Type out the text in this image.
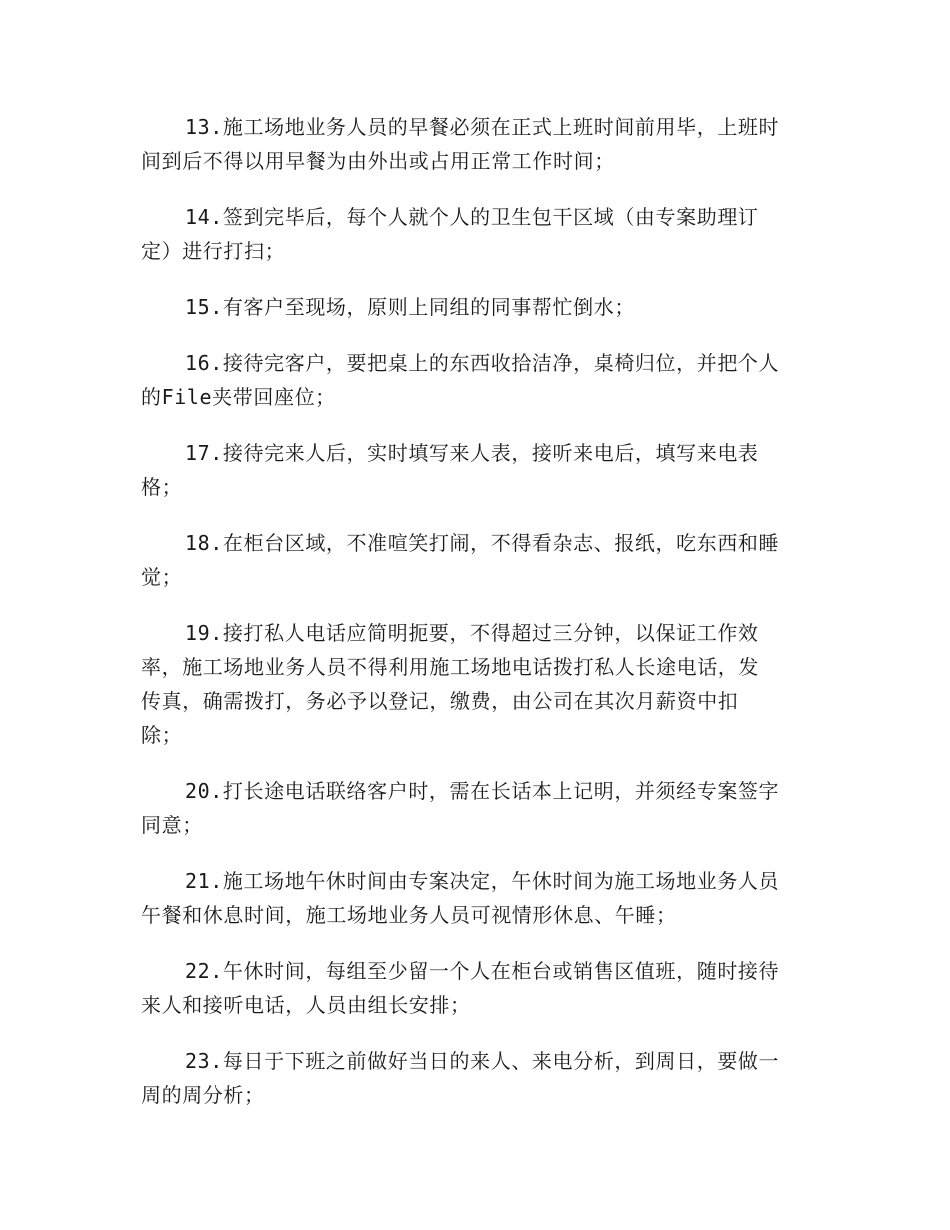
13.施工场地业务人员的早餐必须在正式上班时间前用毕，上班时
间到后不得以用早餐为由外出或占用正常工作时间；

14.签到完毕后，每个人就个人的卫生包干区域（由专案助理订
定）进行打扫；

15.有客户至现场，原则上同组的同事帮忙倒水；

16.接待完客户，要把桌上的东西收拾洁净，桌椅归位，并把个人
的File夹带回座位；

17.接待完来人后，实时填写来人表，接听来电后，填写来电表
格；

18.在柜台区域，不准喧笑打闹，不得看杂志、报纸，吃东西和睡
觉；

19.接打私人电话应简明扼要，不得超过三分钟，以保证工作效
率，施工场地业务人员不得利用施工场地电话拨打私人长途电话，发
传真，确需拨打，务必予以登记，缴费，由公司在其次月薪资中扣
除；

20.打长途电话联络客户时，需在长话本上记明，并须经专案签字
同意；

21.施工场地午休时间由专案决定，午休时间为施工场地业务人员
午餐和休息时间，施工场地业务人员可视情形休息、午睡；

22.午休时间，每组至少留一个人在柜台或销售区值班，随时接待
来人和接听电话，人员由组长安排；

23.每日于下班之前做好当日的来人、来电分析，到周日，要做一
周的周分析；
